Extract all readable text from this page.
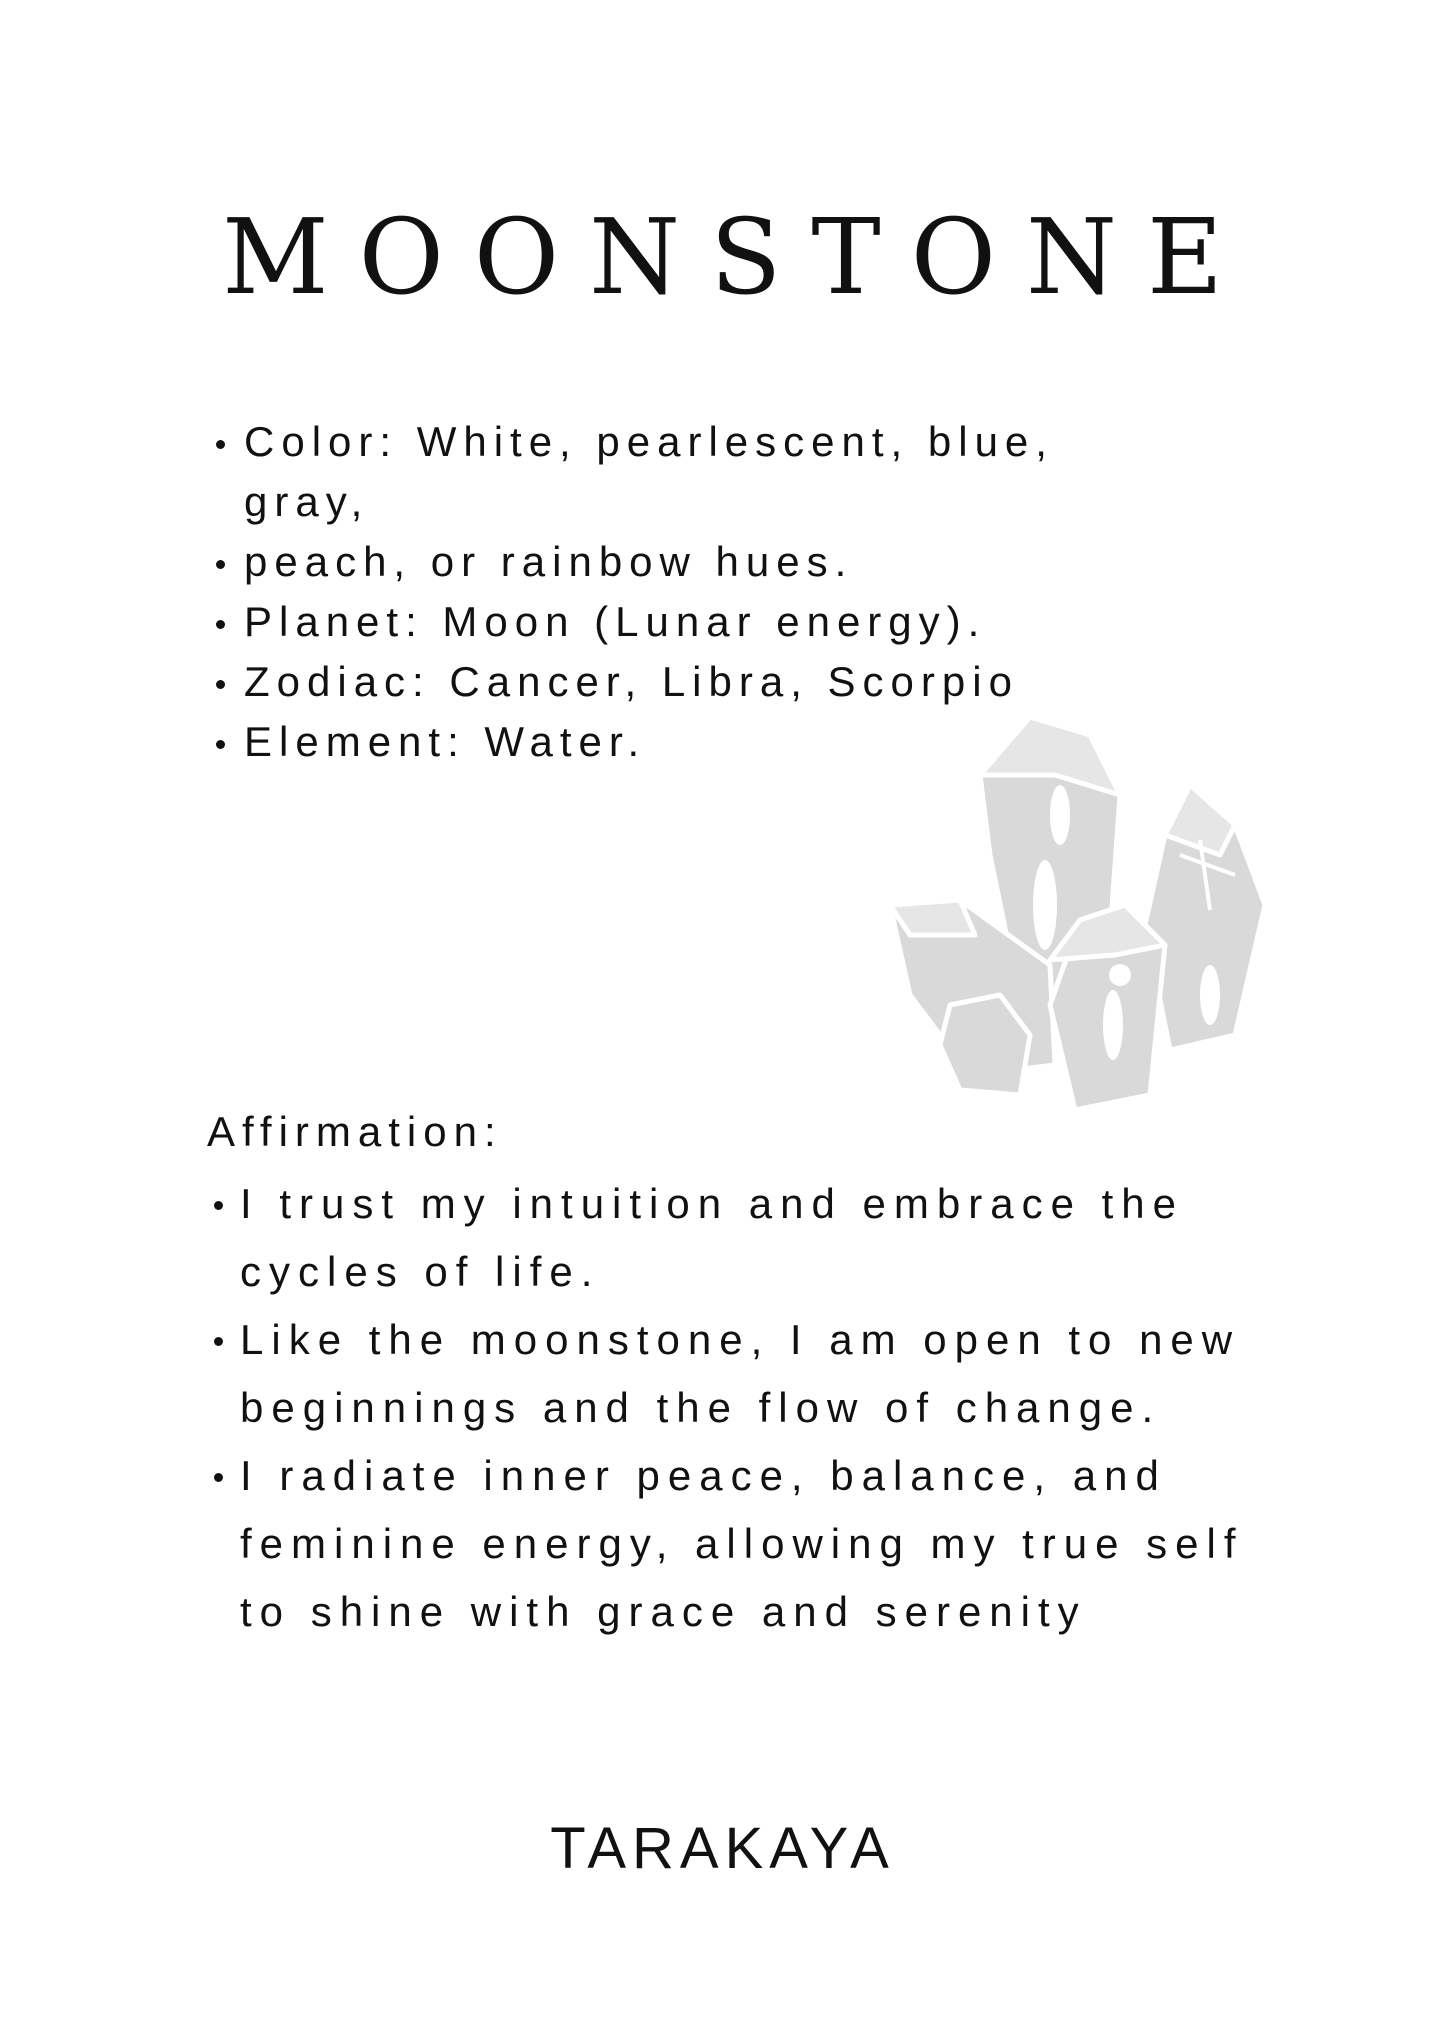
MOONSTONE
Color: White, pearlescent, blue, gray,
peach, or rainbow hues.
Planet: Moon (Lunar energy).
Zodiac: Cancer, Libra, Scorpio
Element: Water.

Affirmation:

I trust my intuition and embrace the cycles of life.
Like the moonstone, I am open to new beginnings and the flow of change.
I radiate inner peace, balance, and feminine energy, allowing my true self to shine with grace and serenity

TARAKAYA
